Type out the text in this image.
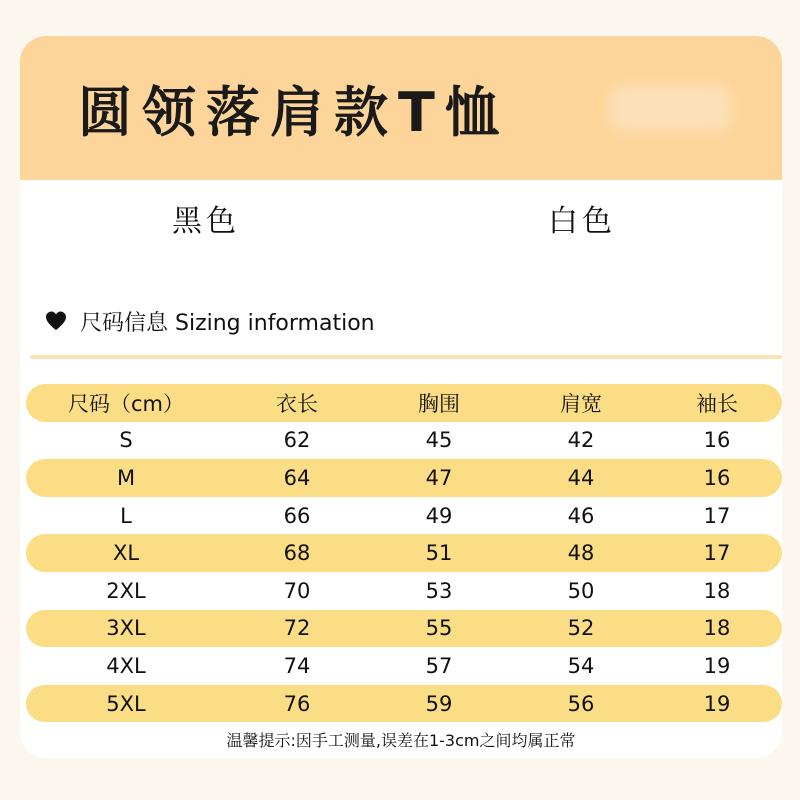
圆领落肩款T恤
黑色	白色
尺码信息 Sizing information
尺码（cm）	衣长	胸围	肩宽	袖长
S	62	45	42	16
M	64	47	44	16
L	66	49	46	17
XL	68	51	48	17
2XL	70	53	50	18
3XL	72	55	52	18
4XL	74	57	54	19
5XL	76	59	56	19
温馨提示:因手工测量,误差在1-3cm之间均属正常
